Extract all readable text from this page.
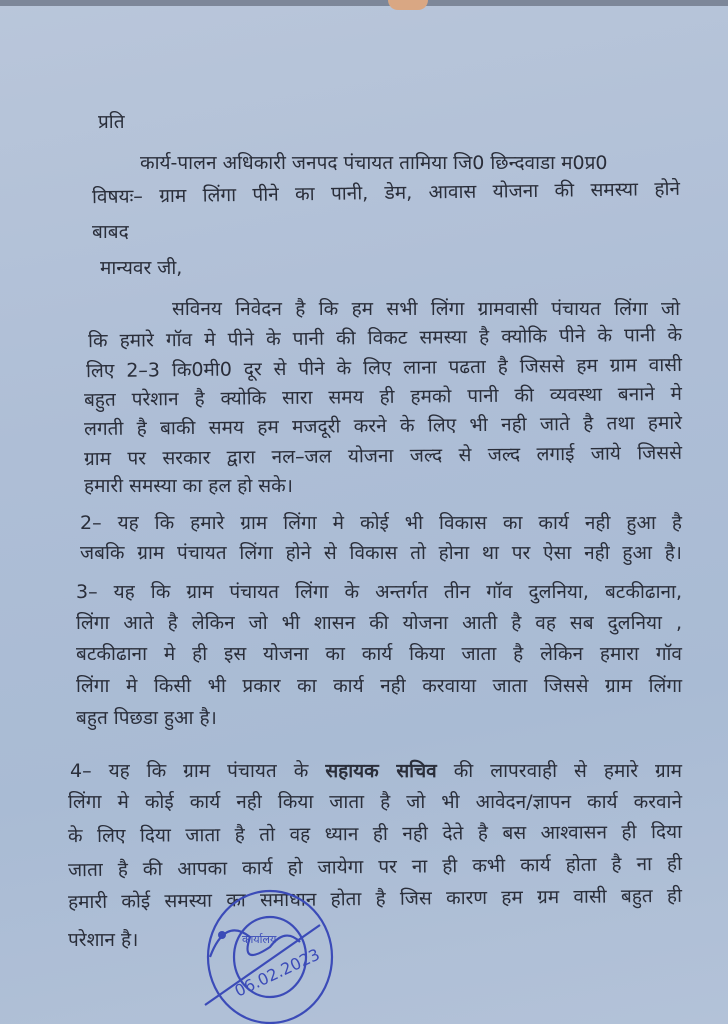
प्रति
कार्य-पालन अधिकारी जनपद पंचायत तामिया जि0 छिन्दवाडा म0प्र0
विषयः– ग्राम लिंगा पीने का पानी, डेम, आवास योजना की समस्या होने
बाबद
मान्यवर जी,
सविनय निवेदन है कि हम सभी लिंगा ग्रामवासी पंचायत लिंगा जो
कि हमारे गॉव मे पीने के पानी की विकट समस्या है क्योकि पीने के पानी के
लिए 2–3 कि0मी0 दूर से पीने के लिए लाना पढता है जिससे हम ग्राम वासी
बहुत परेशान है क्योकि सारा समय ही हमको पानी की व्यवस्था बनाने मे
लगती है बाकी समय हम मजदूरी करने के लिए भी नही जाते है तथा हमारे
ग्राम पर सरकार द्वारा नल–जल योजना जल्द से जल्द लगाई जाये जिससे
हमारी समस्या का हल हो सके।
2– यह कि हमारे ग्राम लिंगा मे कोई भी विकास का कार्य नही हुआ है
जबकि ग्राम पंचायत लिंगा होने से विकास तो होना था पर ऐसा नही हुआ है।
3– यह कि ग्राम पंचायत लिंगा के अन्तर्गत तीन गॉव दुलनिया, बटकीढाना,
लिंगा आते है लेकिन जो भी शासन की योजना आती है वह सब दुलनिया ,
बटकीढाना मे ही इस योजना का कार्य किया जाता है लेकिन हमारा गॉव
लिंगा मे किसी भी प्रकार का कार्य नही करवाया जाता जिससे ग्राम लिंगा
बहुत पिछडा हुआ है।
4– यह कि ग्राम पंचायत के सहायक सचिव की लापरवाही से हमारे ग्राम
लिंगा मे कोई कार्य नही किया जाता है जो भी आवेदन/ज्ञापन कार्य करवाने
के लिए दिया जाता है तो वह ध्यान ही नही देते है बस आश्वासन ही दिया
जाता है की आपका कार्य हो जायेगा पर ना ही कभी कार्य होता है ना ही
हमारी कोई समस्या का समाधान होता है जिस कारण हम ग्रम वासी बहुत ही
परेशान है।	कार्यालय
06.02.2023
